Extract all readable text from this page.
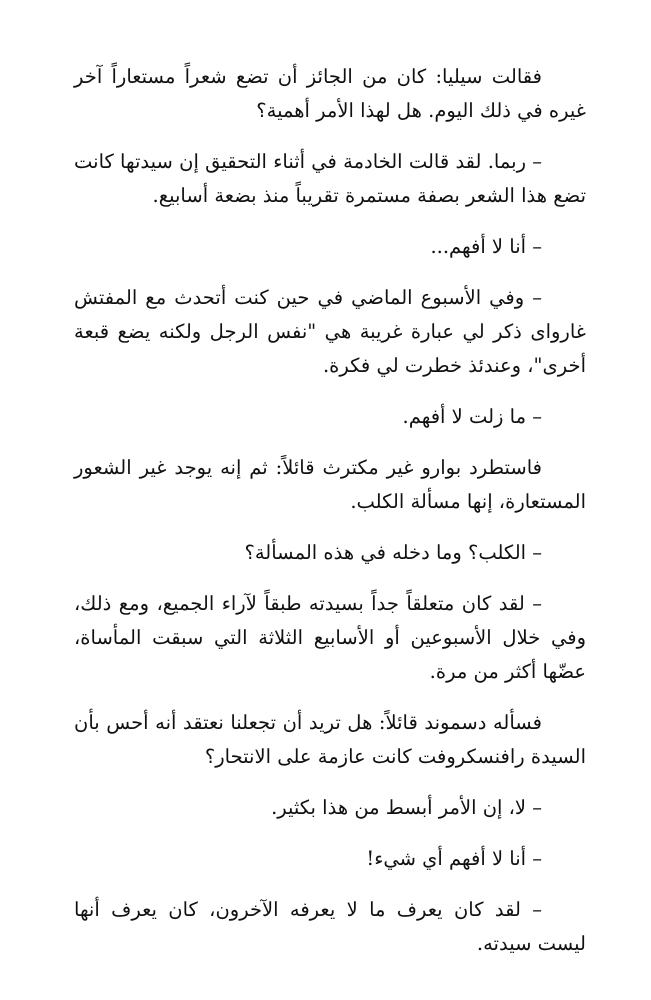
فقالت سيليا: كان من الجائز أن تضع شعراً مستعاراً آخر غيره في ذلك اليوم. هل لهذا الأمر أهمية؟

– ربما. لقد قالت الخادمة في أثناء التحقيق إن سيدتها كانت تضع هذا الشعر بصفة مستمرة تقريباً منذ بضعة أسابيع.

– أنا لا أفهم...

– وفي الأسبوع الماضي في حين كنت أتحدث مع المفتش غاروای ذکر لي عبارة غريبة هي "نفس الرجل ولكنه يضع قبعة أخرى"، وعندئذ خطرت لي فكرة.

– ما زلت لا أفهم.

فاستطرد بوارو غير مكترث قائلاً: ثم إنه يوجد غير الشعور المستعارة، إنها مسألة الكلب.

– الكلب؟ وما دخله في هذه المسألة؟

– لقد كان متعلقاً جداً بسيدته طبقاً لآراء الجميع، ومع ذلك، وفي خلال الأسبوعين أو الأسابيع الثلاثة التي سبقت المأساة، عضّها أكثر من مرة.

فسأله دسموند قائلاً: هل تريد أن تجعلنا نعتقد أنه أحس بأن السيدة رافنسكروفت كانت عازمة على الانتحار؟

– لا، إن الأمر أبسط من هذا بكثير.

– أنا لا أفهم أي شيء!

– لقد كان يعرف ما لا يعرفه الآخرون، كان يعرف أنها ليست سيدته.
